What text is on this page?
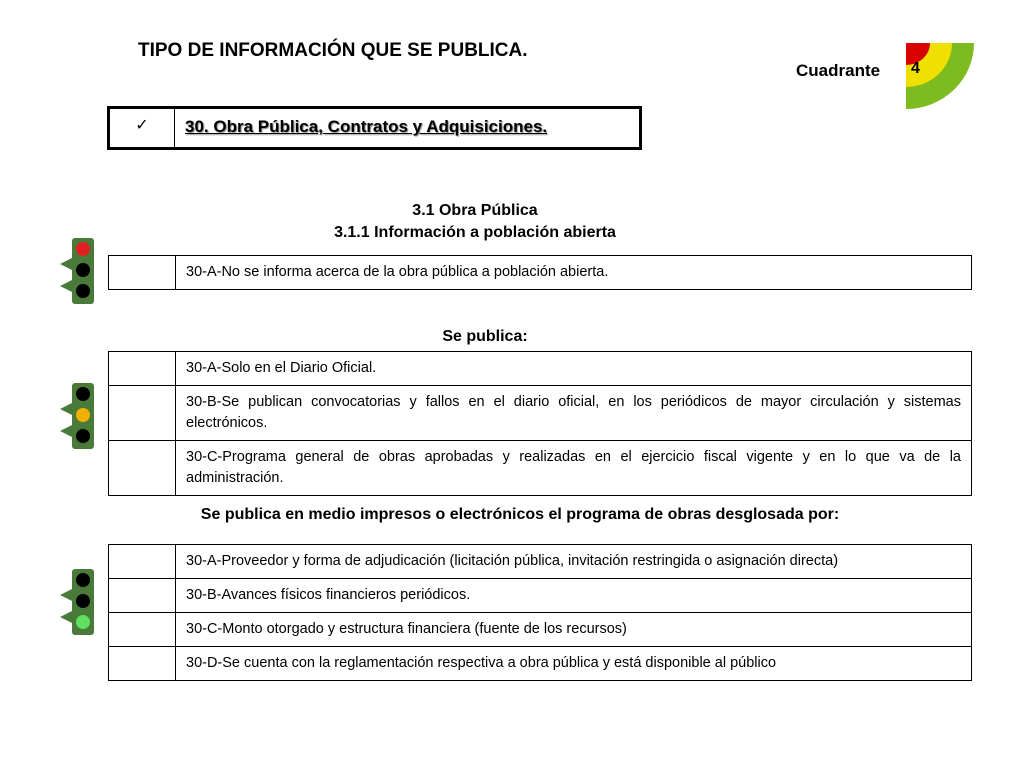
TIPO DE INFORMACIÓN QUE SE PUBLICA.
Cuadrante 4
✓	30. Obra Pública, Contratos y Adquisiciones.
3.1 Obra Pública
3.1.1 Información a población abierta
	30-A-No se informa acerca de la obra pública a población abierta.
Se publica:
	30-A-Solo en el Diario Oficial.
	30-B-Se publican convocatorias y fallos en el diario oficial, en los periódicos de mayor circulación y sistemas electrónicos.
	30-C-Programa general de obras aprobadas y realizadas en el ejercicio fiscal vigente y en lo que va de la administración.
Se publica en medio impresos o electrónicos el programa de obras desglosada por:
	30-A-Proveedor y forma de adjudicación (licitación pública, invitación restringida o asignación directa)
	30-B-Avances físicos financieros periódicos.
	30-C-Monto otorgado y estructura financiera (fuente de los recursos)
	30-D-Se cuenta con la reglamentación respectiva a obra pública y está disponible al público
